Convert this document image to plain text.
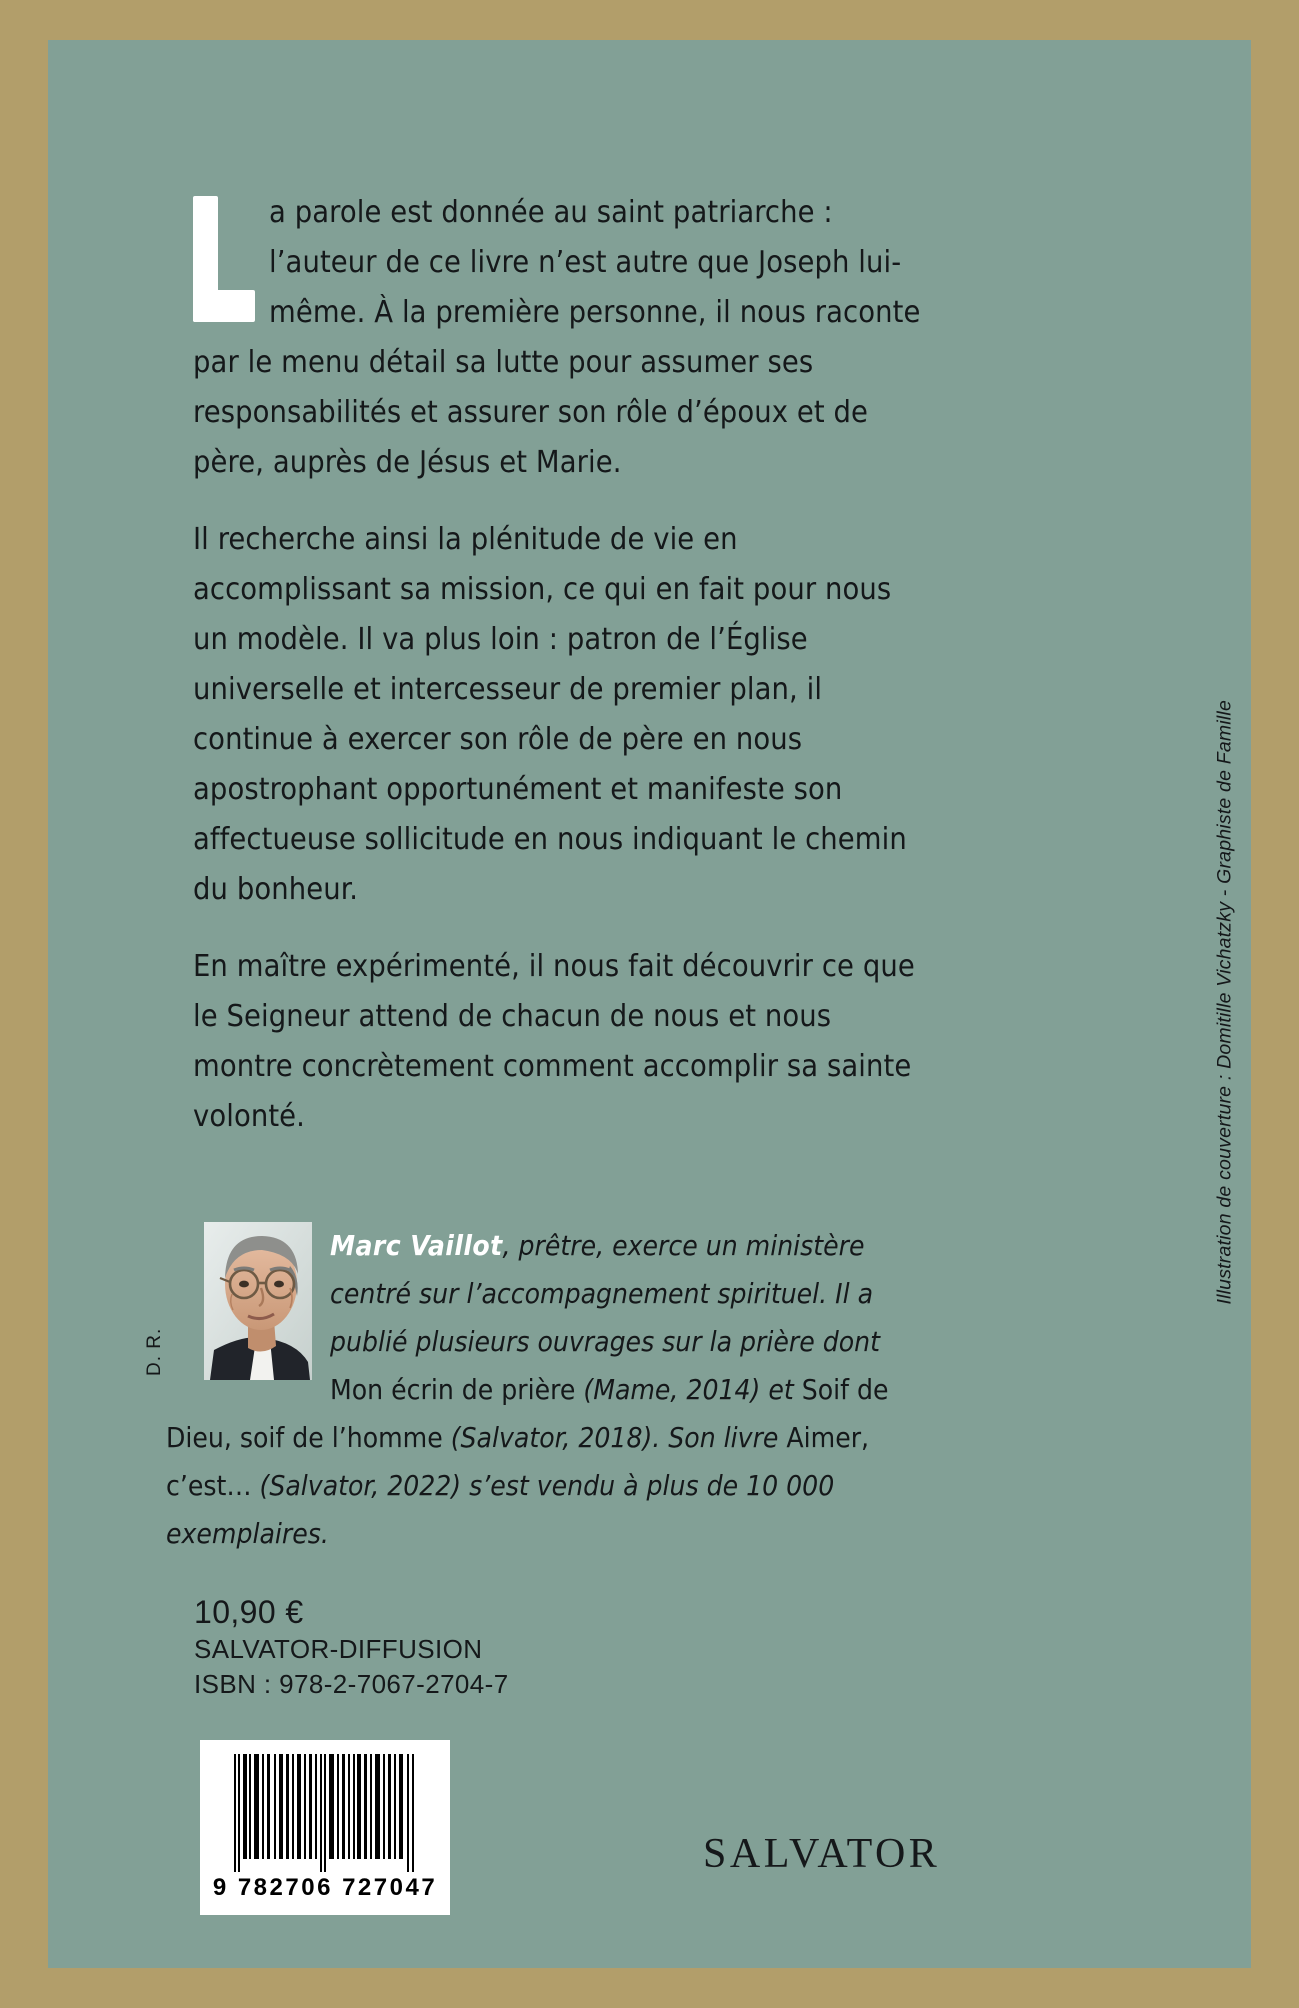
a parole est donnée au saint patriarche : l’auteur de ce livre n’est autre que Joseph lui-même. À la première personne, il nous raconte par le menu détail sa lutte pour assumer ses responsabilités et assurer son rôle d’époux et de père, auprès de Jésus et Marie.

Il recherche ainsi la plénitude de vie en accomplissant sa mission, ce qui en fait pour nous un modèle. Il va plus loin : patron de l’Église universelle et intercesseur de premier plan, il continue à exercer son rôle de père en nous apostrophant opportunément et manifeste son affectueuse sollicitude en nous indiquant le chemin du bonheur.

En maître expérimenté, il nous fait découvrir ce que le Seigneur attend de chacun de nous et nous montre concrètement comment accomplir sa sainte volonté.

D. R.

Marc Vaillot, prêtre, exerce un ministère centré sur l’accompagnement spirituel. Il a publié plusieurs ouvrages sur la prière dont Mon écrin de prière (Mame, 2014) et Soif de Dieu, soif de l’homme (Salvator, 2018). Son livre Aimer, c’est… (Salvator, 2022) s’est vendu à plus de 10 000 exemplaires.

Illustration de couverture : Domitille Vichatzky - Graphiste de Famille
10,90 €
SALVATOR-DIFFUSION
ISBN : 978-2-7067-2704-7
9 782706 727047
SALVATOR
